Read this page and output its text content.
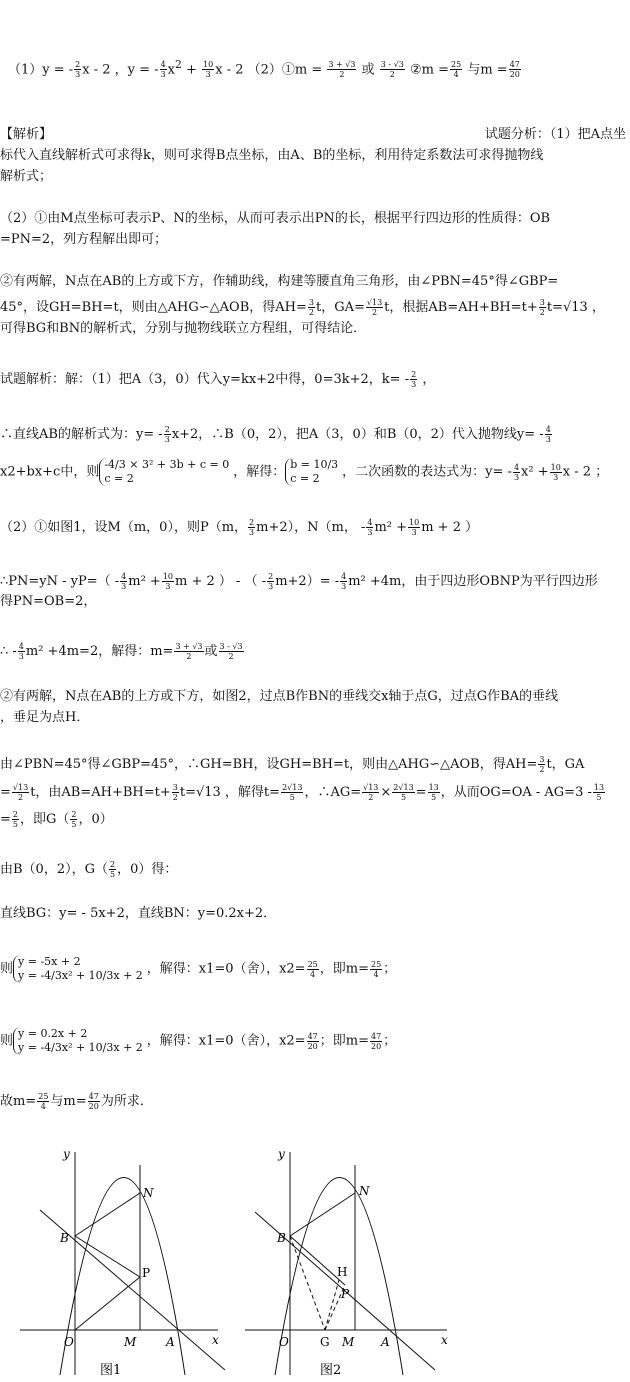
（1）y = - $\frac{2}{3}$ x - 2 ，y = - $\frac{4}{3} x^2 + \frac{10}{3}$ x - 2 （2）①m = $\frac{3 + √3}{2}$ 或 $\frac{3 - √3}{2}$ ②m = $\frac{25}{4}$ 与$m = \frac{47}{20}$
【解析】	试题分析：（1）把A点坐
标代入直线解析式可求得k，则可求得B点坐标，由A、B的坐标，利用待定系数法可求得抛物线
解析式；
（2）①由M点坐标可表示P、N的坐标，从而可表示出PN的长，根据平行四边形的性质得：OB
=PN=2，列方程解出即可；
②有两解，N点在AB的上方或下方，作辅助线，构建等腰直角三角形，由∠PBN=45°得∠GBP=
45°，设GH=BH=t，则由△AHG∽△AOB，得$AH= \frac{3}{2}$ t，$GA= \frac{√13}{2}$ t，根据$AB=AH+BH=t+ \frac{3}{2} t=√13$ ，
可得BG和BN的解析式，分别与抛物线联立方程组，可得结论．
试题解析：解：（1）把A（3，0）代入y=kx+2中得，0=3k+2，$k= - \frac{2}{3}$ ，
∴直线AB的解析式为：$y= - \frac{2}{3} x+2$，∴B（0，2），把A（3，0）和B（0，2）代入抛物线$y= - \frac{4}{3}$
x2+bx+c中，则 -4/3 × 3² + 3b + c = 0
c = 2	，解得： b = 10/3
c = 2 ，二次函数的表达式为：$y= - \frac{4}{3} x^2 + \frac{10}{3}$ x - 2 ；
（2）①如图1，设M（m，0），则P（m， $\frac{2}{3} m+2$），N（m， - $\frac{4}{3} m^2 + \frac{10}{3}$ m + 2 ）
∴PN=yN - $yP=( - \frac{4}{3} m^2 + \frac{10}{3}$ m + 2 ） - （ - $\frac{2}{3} m+2)= - \frac{4}{3} m^2 +4m$，由于四边形OBNP为平行四边形
得PN=OB=2，
∴ - $\frac{4}{3} m^2 +4m=2$，解得：$m= \frac{3 + √3}{2}$ 或 $\frac{3 - √3}{2}$
②有两解，N点在AB的上方或下方，如图2，过点B作BN的垂线交x轴于点G，过点G作BA的垂线
，垂足为点H．
由∠PBN=45°得∠GBP=45°，∴GH=BH，设GH=BH=t，则由△AHG∽△AOB，得$AH= \frac{3}{2}$ t，GA
= $\frac{√13}{2}$ t，由$AB=AH+BH=t+ \frac{3}{2} t=√13$ ，解得$t= \frac{2√13}{5}$ ，∴AG= $\frac{√13}{2} \times \frac{2√13}{5} = \frac{13}{5}$ ，从而$OG=OA - AG=3 - \frac{13}{5}$
= $\frac{2}{5}$ ，即$G( \frac{2}{5}$ ，0）
由B（0，2），$G( \frac{2}{5}$ ，0）得：
直线BG：y= - 5x+2，直线BN：y=0.2x+2．
则 y = -5x + 2
y = -4/3x² + 10/3x + 2 ，解得：x1=0（舍），$x2= \frac{25}{4}$ ，即$m= \frac{25}{4}$ ；
则 y = 0.2x + 2
y = -4/3x² + 10/3x + 2 ，解得：x1=0（舍），$x2= \frac{47}{20}$ ；即$m= \frac{47}{20}$ ；
故$m= \frac{25}{4}$ 与$m= \frac{47}{20}$ 为所求．
y
x
O
B
N
P
M A
图1
y
x
O
B
N
H
P
G M A
图2
